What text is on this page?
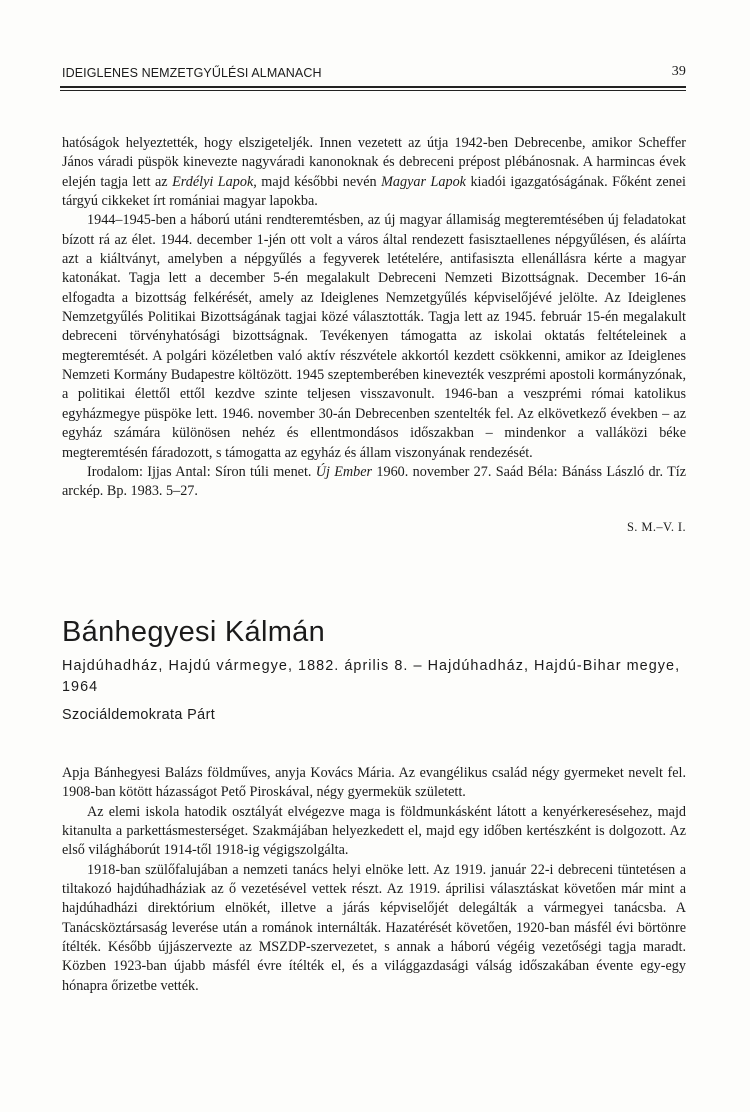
IDEIGLENES NEMZETGYŰLÉSI ALMANACH	39

hatóságok helyeztették, hogy elszigeteljék. Innen vezetett az útja 1942-ben Debrecenbe, amikor Scheffer János váradi püspök kinevezte nagyváradi kanonoknak és debreceni prépost plébánosnak. A harmincas évek elején tagja lett az Erdélyi Lapok, majd későbbi nevén Magyar Lapok kiadói igazgatóságának. Főként zenei tárgyú cikkeket írt romániai magyar lapokba.

1944–1945-ben a háború utáni rendteremtésben, az új magyar államiság megteremtésében új feladatokat bízott rá az élet. 1944. december 1-jén ott volt a város által rendezett fasisztaellenes népgyűlésen, és aláírta azt a kiáltványt, amelyben a népgyűlés a fegyverek letételére, antifasiszta ellenállásra kérte a magyar katonákat. Tagja lett a december 5-én megalakult Debreceni Nemzeti Bizottságnak. December 16-án elfogadta a bizottság felkérését, amely az Ideiglenes Nemzetgyűlés képviselőjévé jelölte. Az Ideiglenes Nemzetgyűlés Politikai Bizottságának tagjai közé választották. Tagja lett az 1945. február 15-én megalakult debreceni törvényhatósági bizottságnak. Tevékenyen támogatta az iskolai oktatás feltételeinek a megteremtését. A polgári közéletben való aktív részvétele akkortól kezdett csökkenni, amikor az Ideiglenes Nemzeti Kormány Budapestre költözött. 1945 szeptemberében kinevezték veszprémi apostoli kormányzónak, a politikai élettől ettől kezdve szinte teljesen visszavonult. 1946-ban a veszprémi római katolikus egyházmegye püspöke lett. 1946. november 30-án Debrecenben szentelték fel. Az elkövetkező években – az egyház számára különösen nehéz és ellentmondásos időszakban – mindenkor a valláközi béke megteremtésén fáradozott, s támogatta az egyház és állam viszonyának rendezését.

Irodalom: Ijjas Antal: Síron túli menet. Új Ember 1960. november 27. Saád Béla: Bánáss László dr. Tíz arckép. Bp. 1983. 5–27.

S. M.–V. I.
Bánhegyesi Kálmán

Hajdúhadház, Hajdú vármegye, 1882. április 8. – Hajdúhadház, Hajdú-Bihar megye, 1964

Szociáldemokrata Párt

Apja Bánhegyesi Balázs földműves, anyja Kovács Mária. Az evangélikus család négy gyermeket nevelt fel. 1908-ban kötött házasságot Pető Piroskával, négy gyermekük született.

Az elemi iskola hatodik osztályát elvégezve maga is földmunkásként látott a kenyérkeresésehez, majd kitanulta a parkettásmesterséget. Szakmájában helyezkedett el, majd egy időben kertészként is dolgozott. Az első világháborút 1914-től 1918-ig végigszolgálta.

1918-ban szülőfalujában a nemzeti tanács helyi elnöke lett. Az 1919. január 22-i debreceni tüntetésen a tiltakozó hajdúhadháziak az ő vezetésével vettek részt. Az 1919. áprilisi választáskat követően már mint a hajdúhadházi direktórium elnökét, illetve a járás képviselőjét delegálták a vármegyei tanácsba. A Tanácsköztársaság leverése után a románok internálták. Hazatérését követően, 1920-ban másfél évi börtönre ítélték. Később újjászervezte az MSZDP-szervezetet, s annak a háború végéig vezetőségi tagja maradt. Közben 1923-ban újabb másfél évre ítélték el, és a világgazdasági válság időszakában évente egy-egy hónapra őrizetbe vették.
